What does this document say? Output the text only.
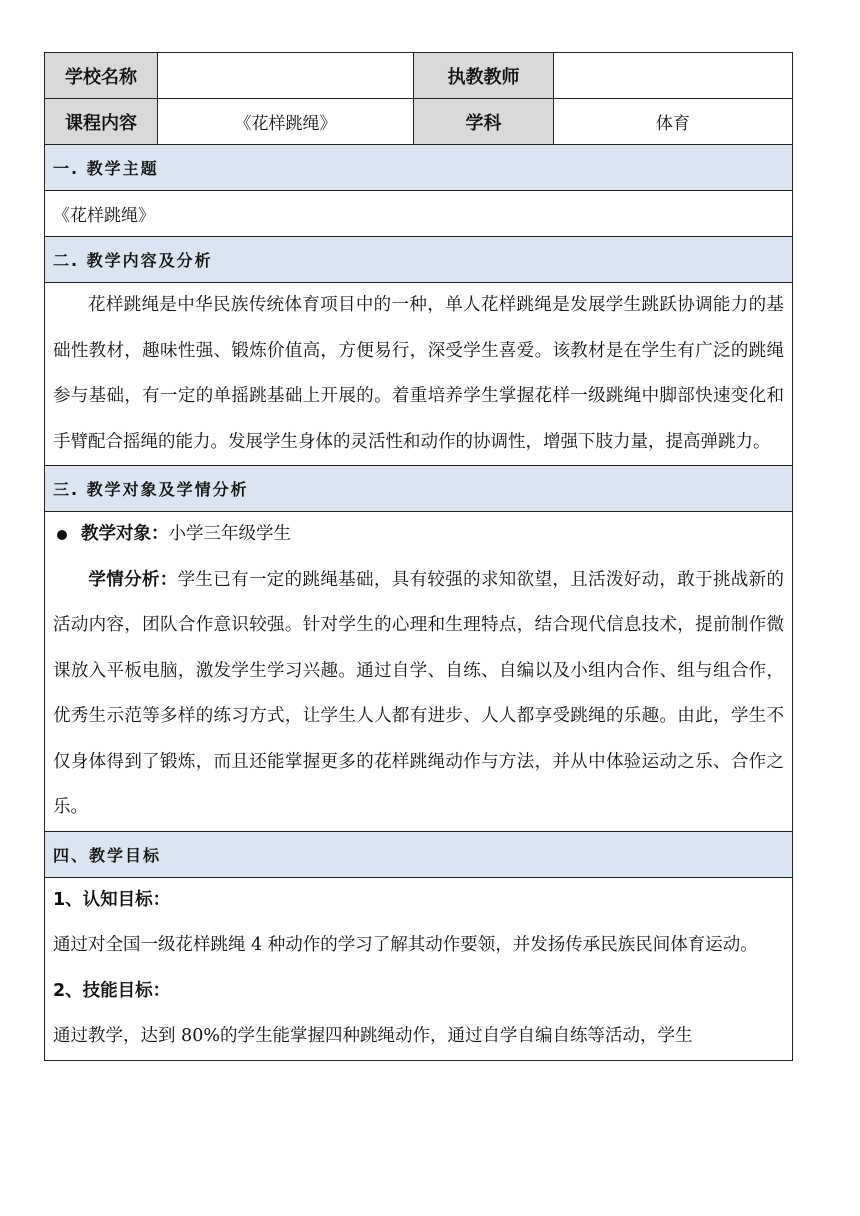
学校名称		执教教师	
课程内容	《花样跳绳》	学科	体育
一. 教学主题			
《花样跳绳》			
二. 教学内容及分析			

花样跳绳是中华民族传统体育项目中的一种，单人花样跳绳是发展学生跳跃协调能力的基础性教材，趣味性强、锻炼价值高，方便易行，深受学生喜爱。该教材是在学生有广泛的跳绳参与基础，有一定的单摇跳基础上开展的。着重培养学生掌握花样一级跳绳中脚部快速变化和手臂配合摇绳的能力。发展学生身体的灵活性和动作的协调性，增强下肢力量，提高弹跳力。			

三. 教学对象及学情分析			

教学对象：小学三年级学生

学情分析：学生已有一定的跳绳基础，具有较强的求知欲望，且活泼好动，敢于挑战新的活动内容，团队合作意识较强。针对学生的心理和生理特点，结合现代信息技术，提前制作微课放入平板电脑，激发学生学习兴趣。通过自学、自练、自编以及小组内合作、组与组合作，优秀生示范等多样的练习方式，让学生人人都有进步、人人都享受跳绳的乐趣。由此，学生不仅身体得到了锻炼，而且还能掌握更多的花样跳绳动作与方法，并从中体验运动之乐、合作之乐。			

四、教学目标			

1、认知目标：

通过对全国一级花样跳绳 4 种动作的学习了解其动作要领，并发扬传承民族民间体育运动。

2、技能目标：

通过教学，达到 80%的学生能掌握四种跳绳动作，通过自学自编自练等活动，学生			
